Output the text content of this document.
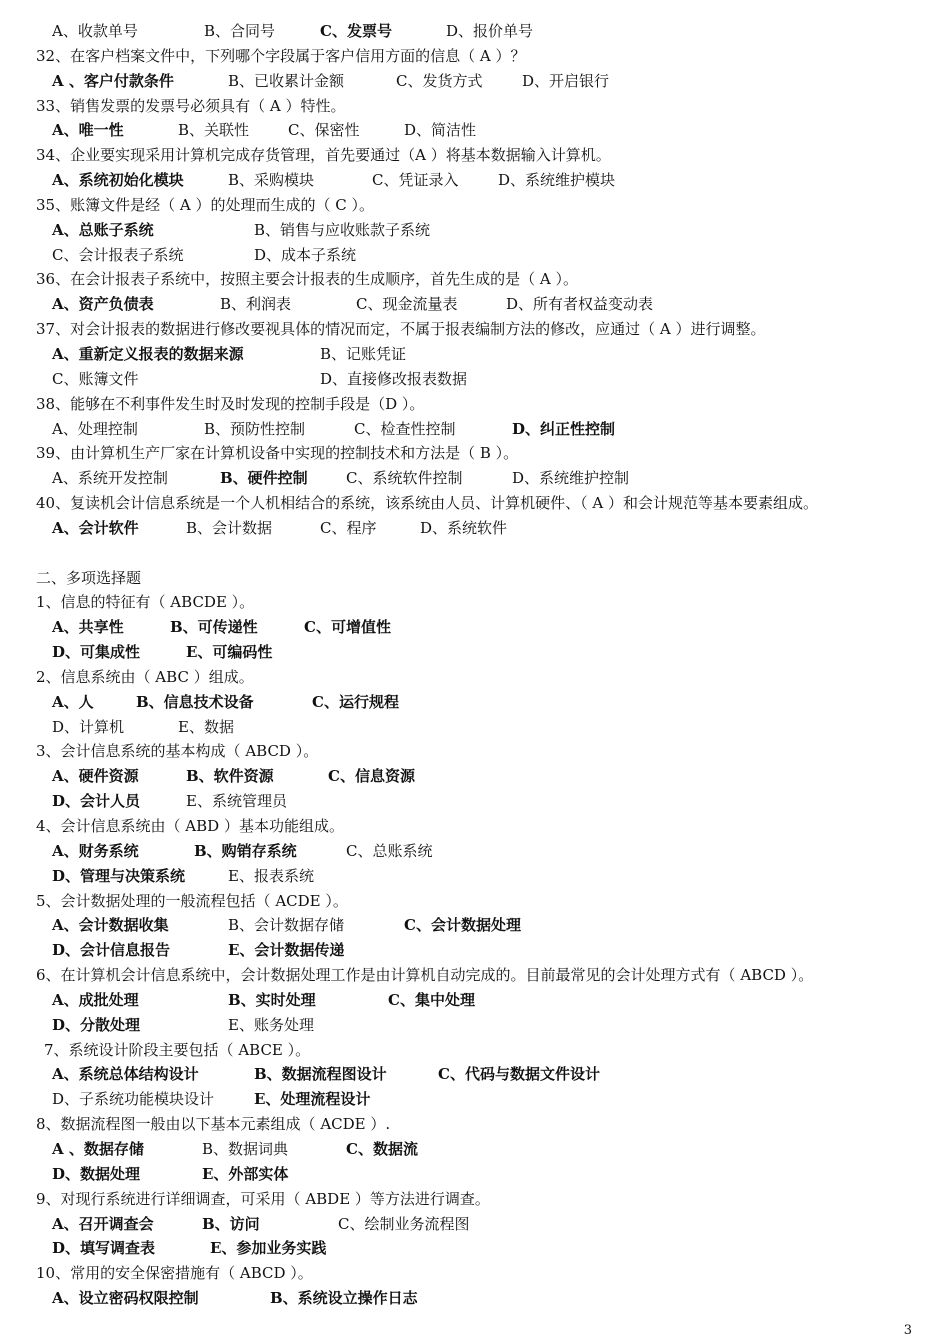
A、收款单号	B、合同号	C、发票号	D、报价单号
32、在客户档案文件中，下列哪个字段属于客户信用方面的信息（ A ）？
A 、客户付款条件	B、已收累计金额	C、发货方式	D、开启银行
33、销售发票的发票号必须具有（ A ）特性。
A、唯一性	B、关联性	C、保密性	D、简洁性
34、企业要实现采用计算机完成存货管理，首先要通过（A ）将基本数据输入计算机。
A、系统初始化模块	B、采购模块	C、凭证录入	D、系统维护模块
35、账簿文件是经（ A ）的处理而生成的（ C ）。
A、总账子系统	B、销售与应收账款子系统
C、会计报表子系统	D、成本子系统
36、在会计报表子系统中，按照主要会计报表的生成顺序，首先生成的是（ A ）。
A、资产负债表	B、利润表	C、现金流量表	D、所有者权益变动表
37、对会计报表的数据进行修改要视具体的情况而定，不属于报表编制方法的修改，应通过（ A ）进行调整。
A、重新定义报表的数据来源	B、记账凭证
C、账簿文件	D、直接修改报表数据
38、能够在不利事件发生时及时发现的控制手段是（D ）。
A、处理控制	B、预防性控制	C、检查性控制	D、纠正性控制
39、由计算机生产厂家在计算机设备中实现的控制技术和方法是（ B ）。
A、系统开发控制	B、硬件控制	C、系统软件控制	D、系统维护控制
40、复读机会计信息系统是一个人机相结合的系统，该系统由人员、计算机硬件、（ A ）和会计规范等基本要素组成。
A、会计软件	B、会计数据	C、程序	D、系统软件
二、多项选择题
1、信息的特征有（ ABCDE ）。
A、共享性	B、可传递性	C、可增值性
D、可集成性	E、可编码性
2、信息系统由（ ABC ）组成。
A、人	B、信息技术设备	C、运行规程
D、计算机	E、数据
3、会计信息系统的基本构成（ ABCD ）。
A、硬件资源	B、软件资源	C、信息资源
D、会计人员	E、系统管理员
4、会计信息系统由（ ABD ）基本功能组成。
A、财务系统	B、购销存系统	C、总账系统
D、管理与决策系统	E、报表系统
5、会计数据处理的一般流程包括（ ACDE ）。
A、会计数据收集	B、会计数据存储	C、会计数据处理
D、会计信息报告	E、会计数据传递
6、在计算机会计信息系统中，会计数据处理工作是由计算机自动完成的。目前最常见的会计处理方式有（ ABCD ）。
A、成批处理	B、实时处理	C、集中处理
D、分散处理	E、账务处理
7、系统设计阶段主要包括（ ABCE ）。
A、系统总体结构设计	B、数据流程图设计	C、代码与数据文件设计
D、子系统功能模块设计	E、处理流程设计
8、数据流程图一般由以下基本元素组成（ ACDE ）.
A 、数据存储	B、数据词典	C、数据流
D、数据处理	E、外部实体
9、对现行系统进行详细调查，可采用（ ABDE ）等方法进行调查。
A、召开调查会	B、访问	C、绘制业务流程图
D、填写调查表	E、参加业务实践
10、常用的安全保密措施有（ ABCD ）。
A、设立密码权限控制	B、系统设立操作日志
3
